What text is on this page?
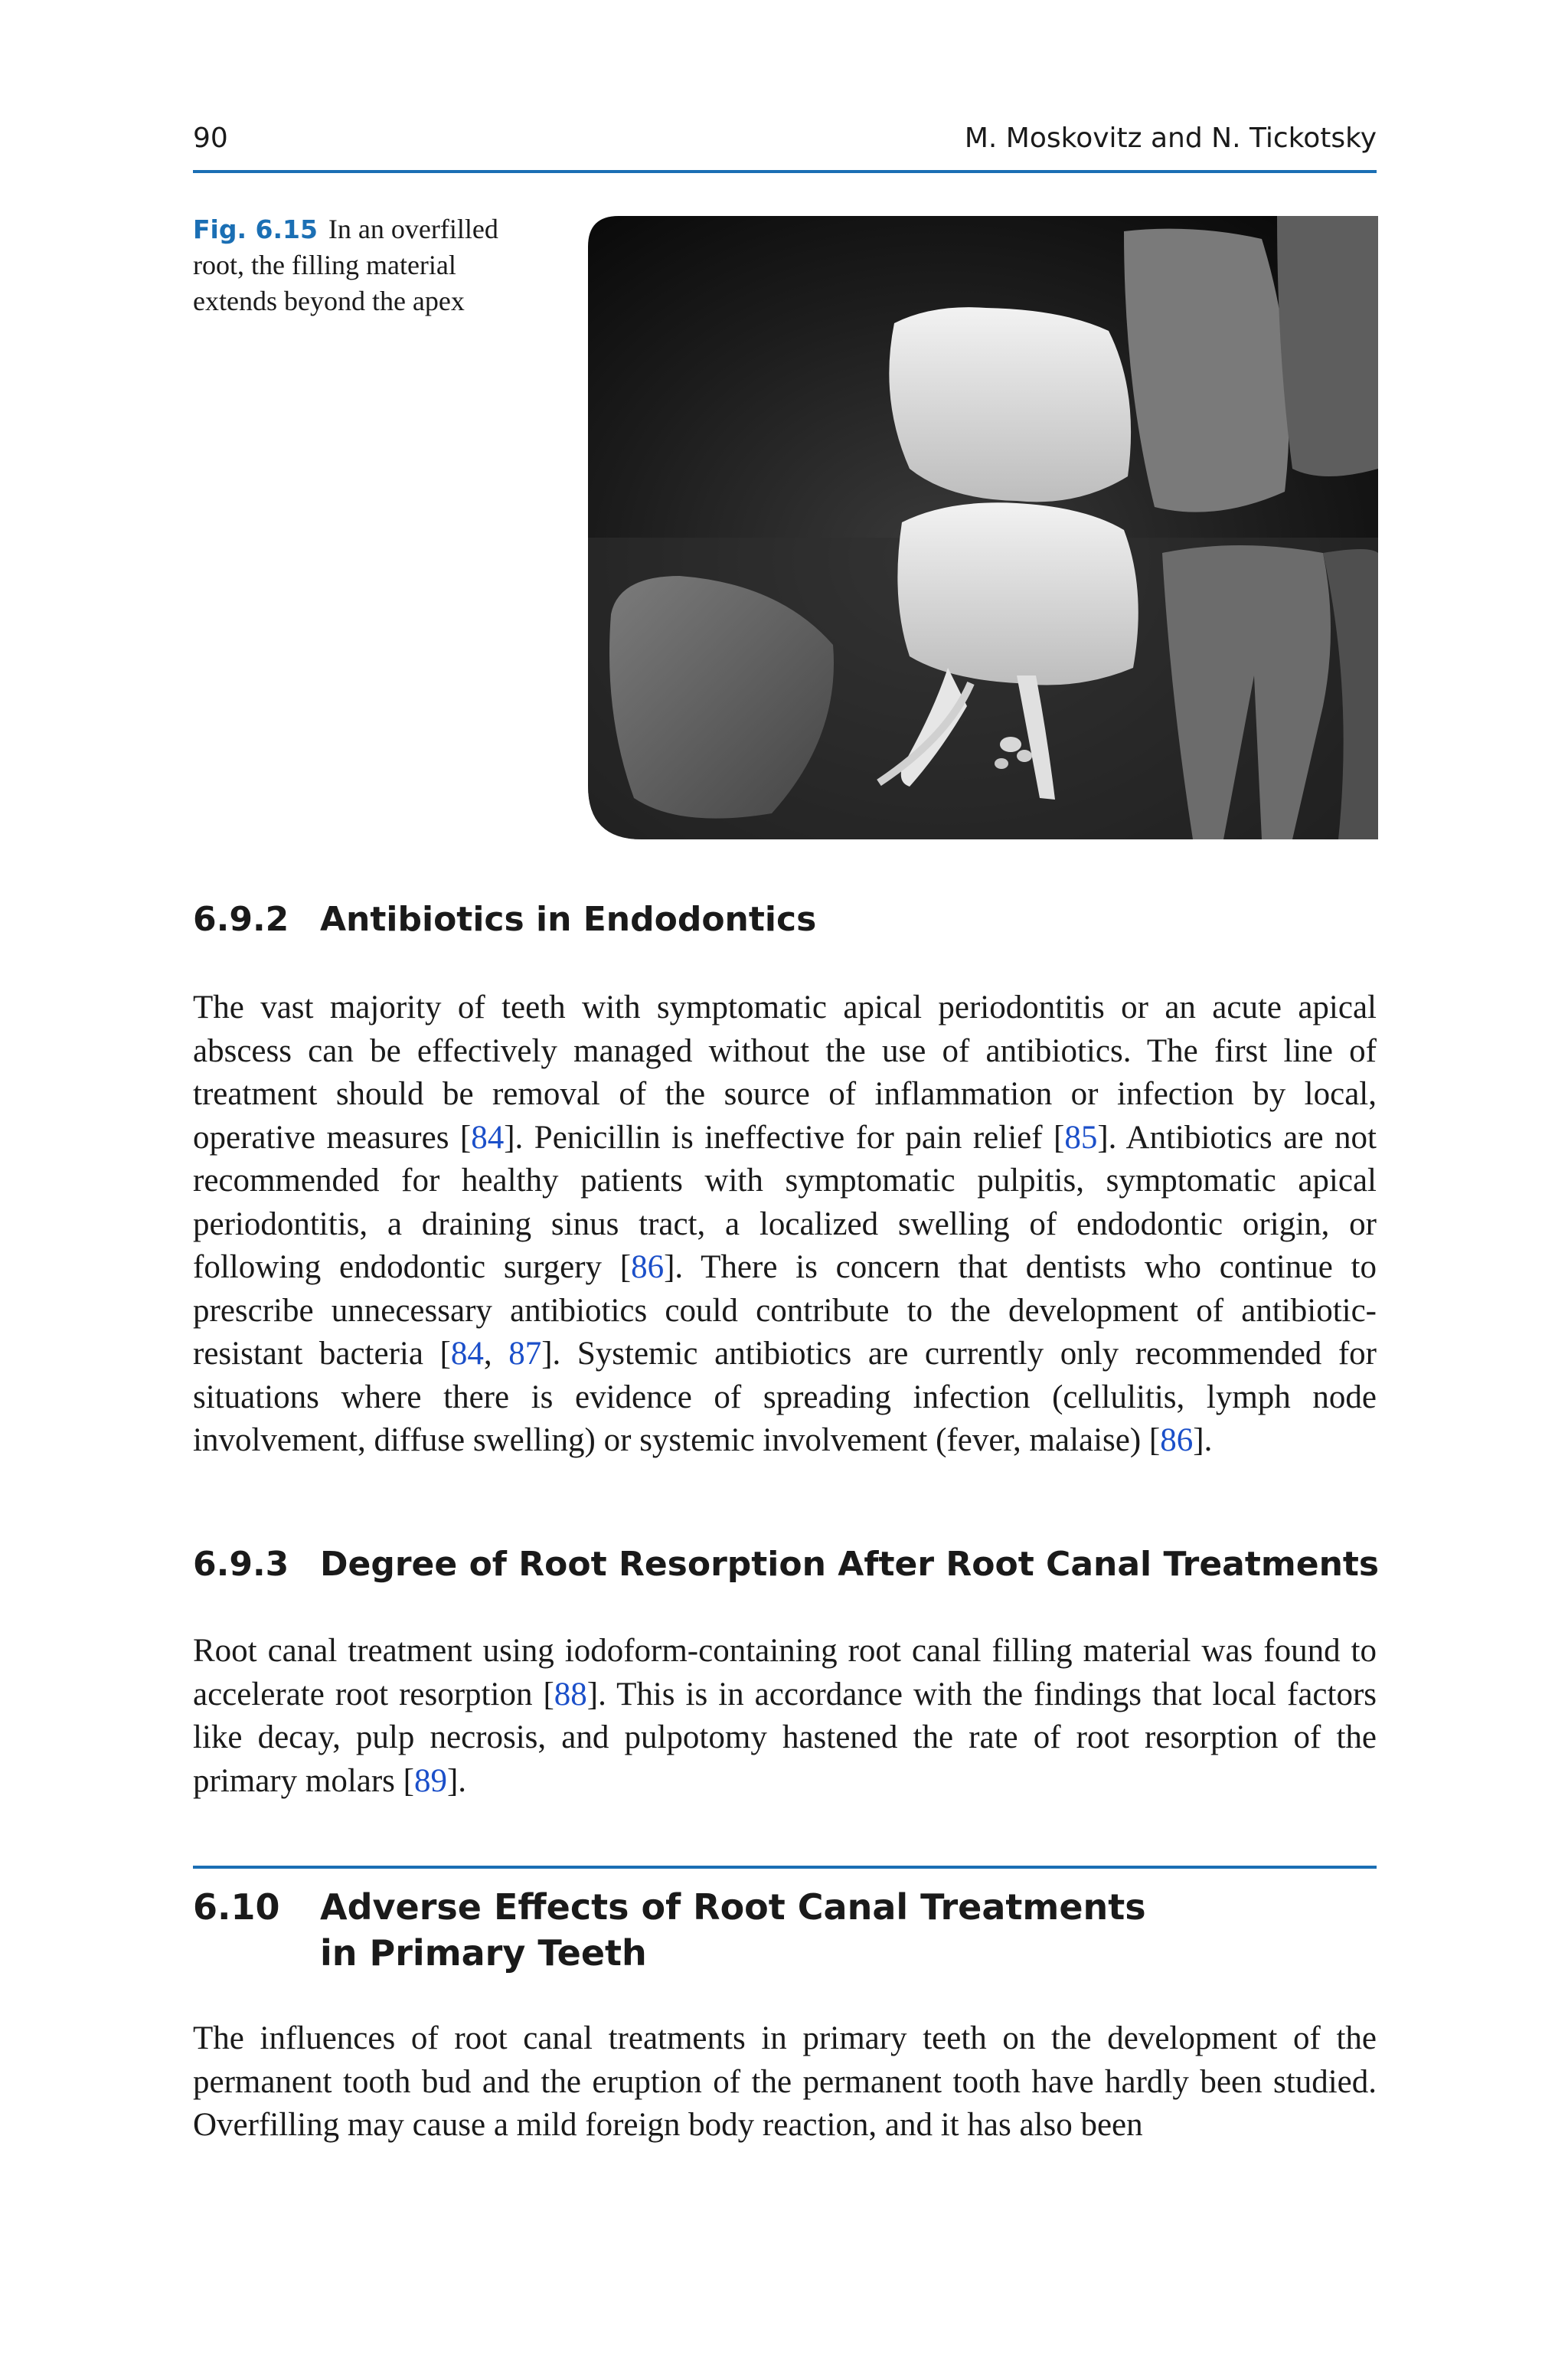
90	M. Moskovitz and N. Tickotsky
Fig. 6.15 In an overfilled root, the filling material extends beyond the apex
6.9.2 Antibiotics in Endodontics

The vast majority of teeth with symptomatic apical periodontitis or an acute apical abscess can be effectively managed without the use of antibiotics. The first line of treatment should be removal of the source of inflammation or infection by local, operative measures [84]. Penicillin is ineffective for pain relief [85]. Antibiotics are not recommended for healthy patients with symptomatic pulpitis, symptomatic apical periodontitis, a draining sinus tract, a localized swelling of endodontic origin, or following endodontic surgery [86]. There is concern that dentists who continue to prescribe unnecessary antibiotics could contribute to the development of antibiotic-resistant bacteria [84, 87]. Systemic antibiotics are currently only recommended for situations where there is evidence of spreading infection (cellulitis, lymph node involvement, diffuse swelling) or systemic involvement (fever, malaise) [86].

6.9.3 Degree of Root Resorption After Root Canal Treatments

Root canal treatment using iodoform-containing root canal filling material was found to accelerate root resorption [88]. This is in accordance with the findings that local factors like decay, pulp necrosis, and pulpotomy hastened the rate of root resorption of the primary molars [89].

6.10	Adverse Effects of Root Canal Treatments
in Primary Teeth

The influences of root canal treatments in primary teeth on the development of the permanent tooth bud and the eruption of the permanent tooth have hardly been studied. Overfilling may cause a mild foreign body reaction, and it has also been
